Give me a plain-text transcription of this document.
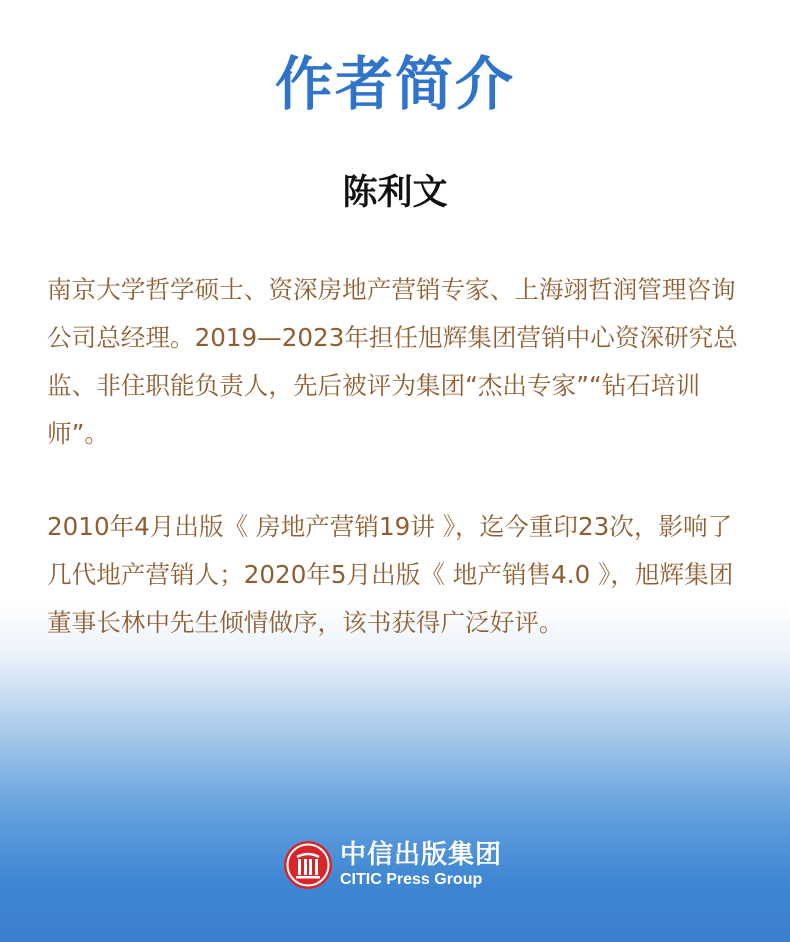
作者简介
陈利文

南京大学哲学硕士、资深房地产营销专家、上海翊哲润管理咨询公司总经理。2019—2023年担任旭辉集团营销中心资深研究总监、非住职能负责人，先后被评为集团“杰出专家”“钻石培训师”。

2010年4月出版《 房地产营销19讲 》，迄今重印23次，影响了几代地产营销人；2020年5月出版《 地产销售4.0 》，旭辉集团董事长林中先生倾情做序，该书获得广泛好评。

中信出版集团
CITIC Press Group
